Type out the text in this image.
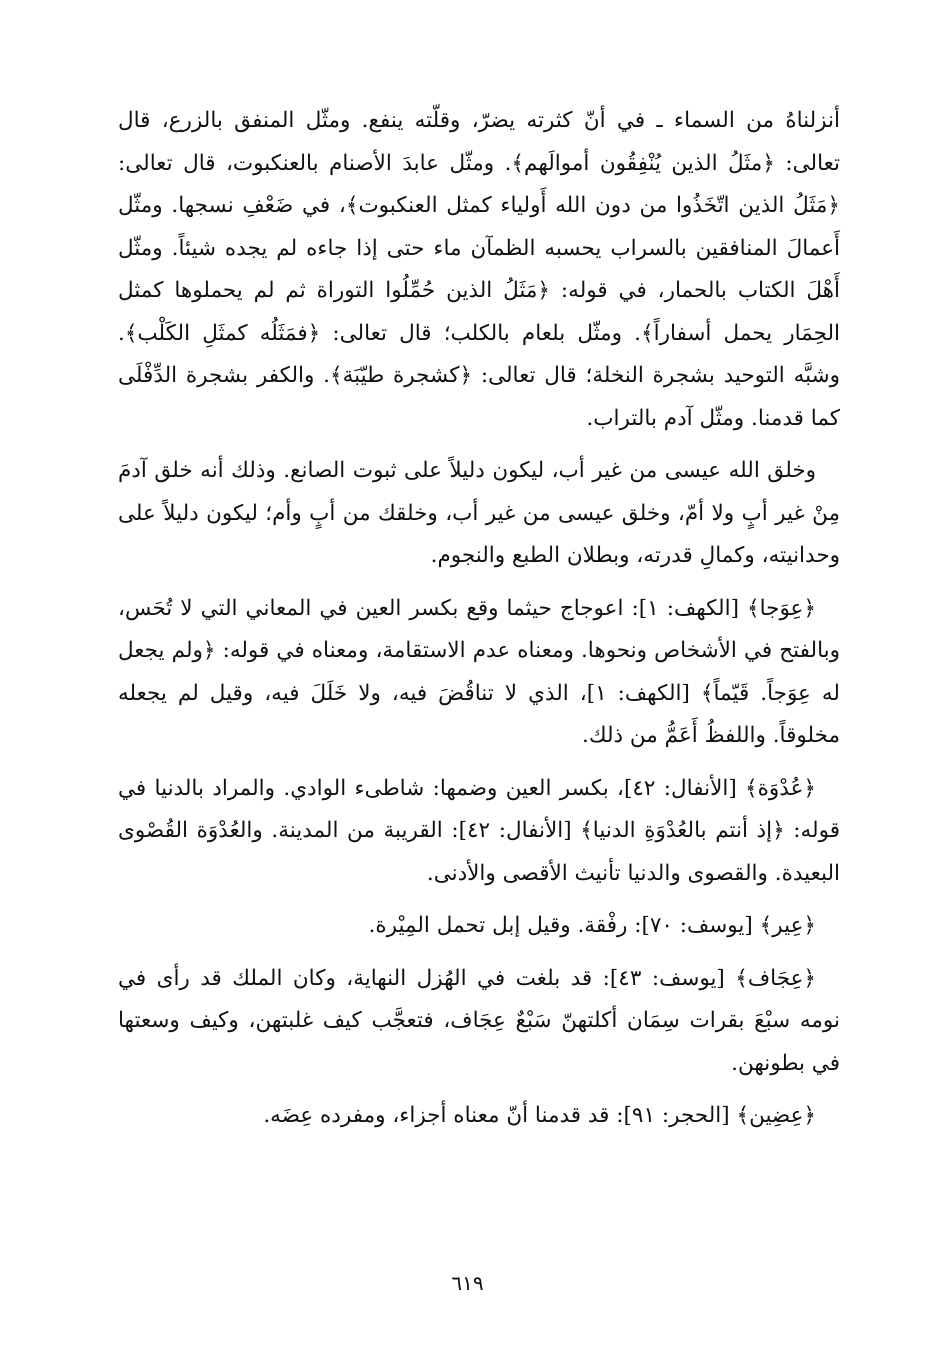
أنزلناهُ من السماء ـ في أنّ كثرته يضرّ، وقلّته ينفع. ومثّل المنفق بالزرع، قال تعالى: ﴿مثَلُ الذين يُنْفِقُون أموالَهم﴾. ومثّل عابدَ الأصنام بالعنكبوت، قال تعالى: ﴿مَثَلُ الذين اتّخَذُوا من دون الله أَولياء كمثل العنكبوت﴾، في ضَعْفِ نسجها. ومثّل أَعمالَ المنافقين بالسراب يحسبه الظمآن ماء حتى إذا جاءه لم يجده شيئاً. ومثّل أَهْلَ الكتاب بالحمار، في قوله: ﴿مَثَلُ الذين حُمِّلُوا التوراة ثم لم يحملوها كمثل الحِمَار يحمل أسفاراً﴾. ومثّل بلعام بالكلب؛ قال تعالى: ﴿فمَثَلُه كمثَلِ الكَلْب﴾. وشبَّه التوحيد بشجرة النخلة؛ قال تعالى: ﴿كشجرة طيّبَة﴾. والكفر بشجرة الدِّفْلَى كما قدمنا. ومثّل آدم بالتراب.

وخلق الله عيسى من غير أب، ليكون دليلاً على ثبوت الصانع. وذلك أنه خلق آدمَ مِنْ غير أبٍ ولا أمّ، وخلق عيسى من غير أب، وخلقك من أبٍ وأم؛ ليكون دليلاً على وحدانيته، وكمالِ قدرته، وبطلان الطبع والنجوم.

﴿عِوَجا﴾ [الكهف: ١]: اعوجاج حيثما وقع بكسر العين في المعاني التي لا تُحَس، وبالفتح في الأشخاص ونحوها. ومعناه عدم الاستقامة، ومعناه في قوله: ﴿ولم يجعل له عِوَجاً. قَيّماً﴾ [الكهف: ١]، الذي لا تناقُضَ فيه، ولا خَلَلَ فيه، وقيل لم يجعله مخلوقاً. واللفظُ أَعَمُّ من ذلك.

﴿عُدْوَة﴾ [الأنفال: ٤٢]، بكسر العين وضمها: شاطىء الوادي. والمراد بالدنيا في قوله: ﴿إذ أنتم بالعُدْوَةِ الدنيا﴾ [الأنفال: ٤٢]: القريبة من المدينة. والعُدْوَة القُصْوى البعيدة. والقصوى والدنيا تأنيث الأقصى والأدنى.

﴿عِير﴾ [يوسف: ٧٠]: رفْقة. وقيل إبل تحمل المِيْرة.

﴿عِجَاف﴾ [يوسف: ٤٣]: قد بلغت في الهُزل النهاية، وكان الملك قد رأى في نومه سبْعَ بقرات سِمَان أكلتهنّ سَبْعٌ عِجَاف، فتعجَّب كيف غلبتهن، وكيف وسعتها في بطونهن.

﴿عِضِين﴾ [الحجر: ٩١]: قد قدمنا أنّ معناه أجزاء، ومفرده عِضَه.

٦١٩
